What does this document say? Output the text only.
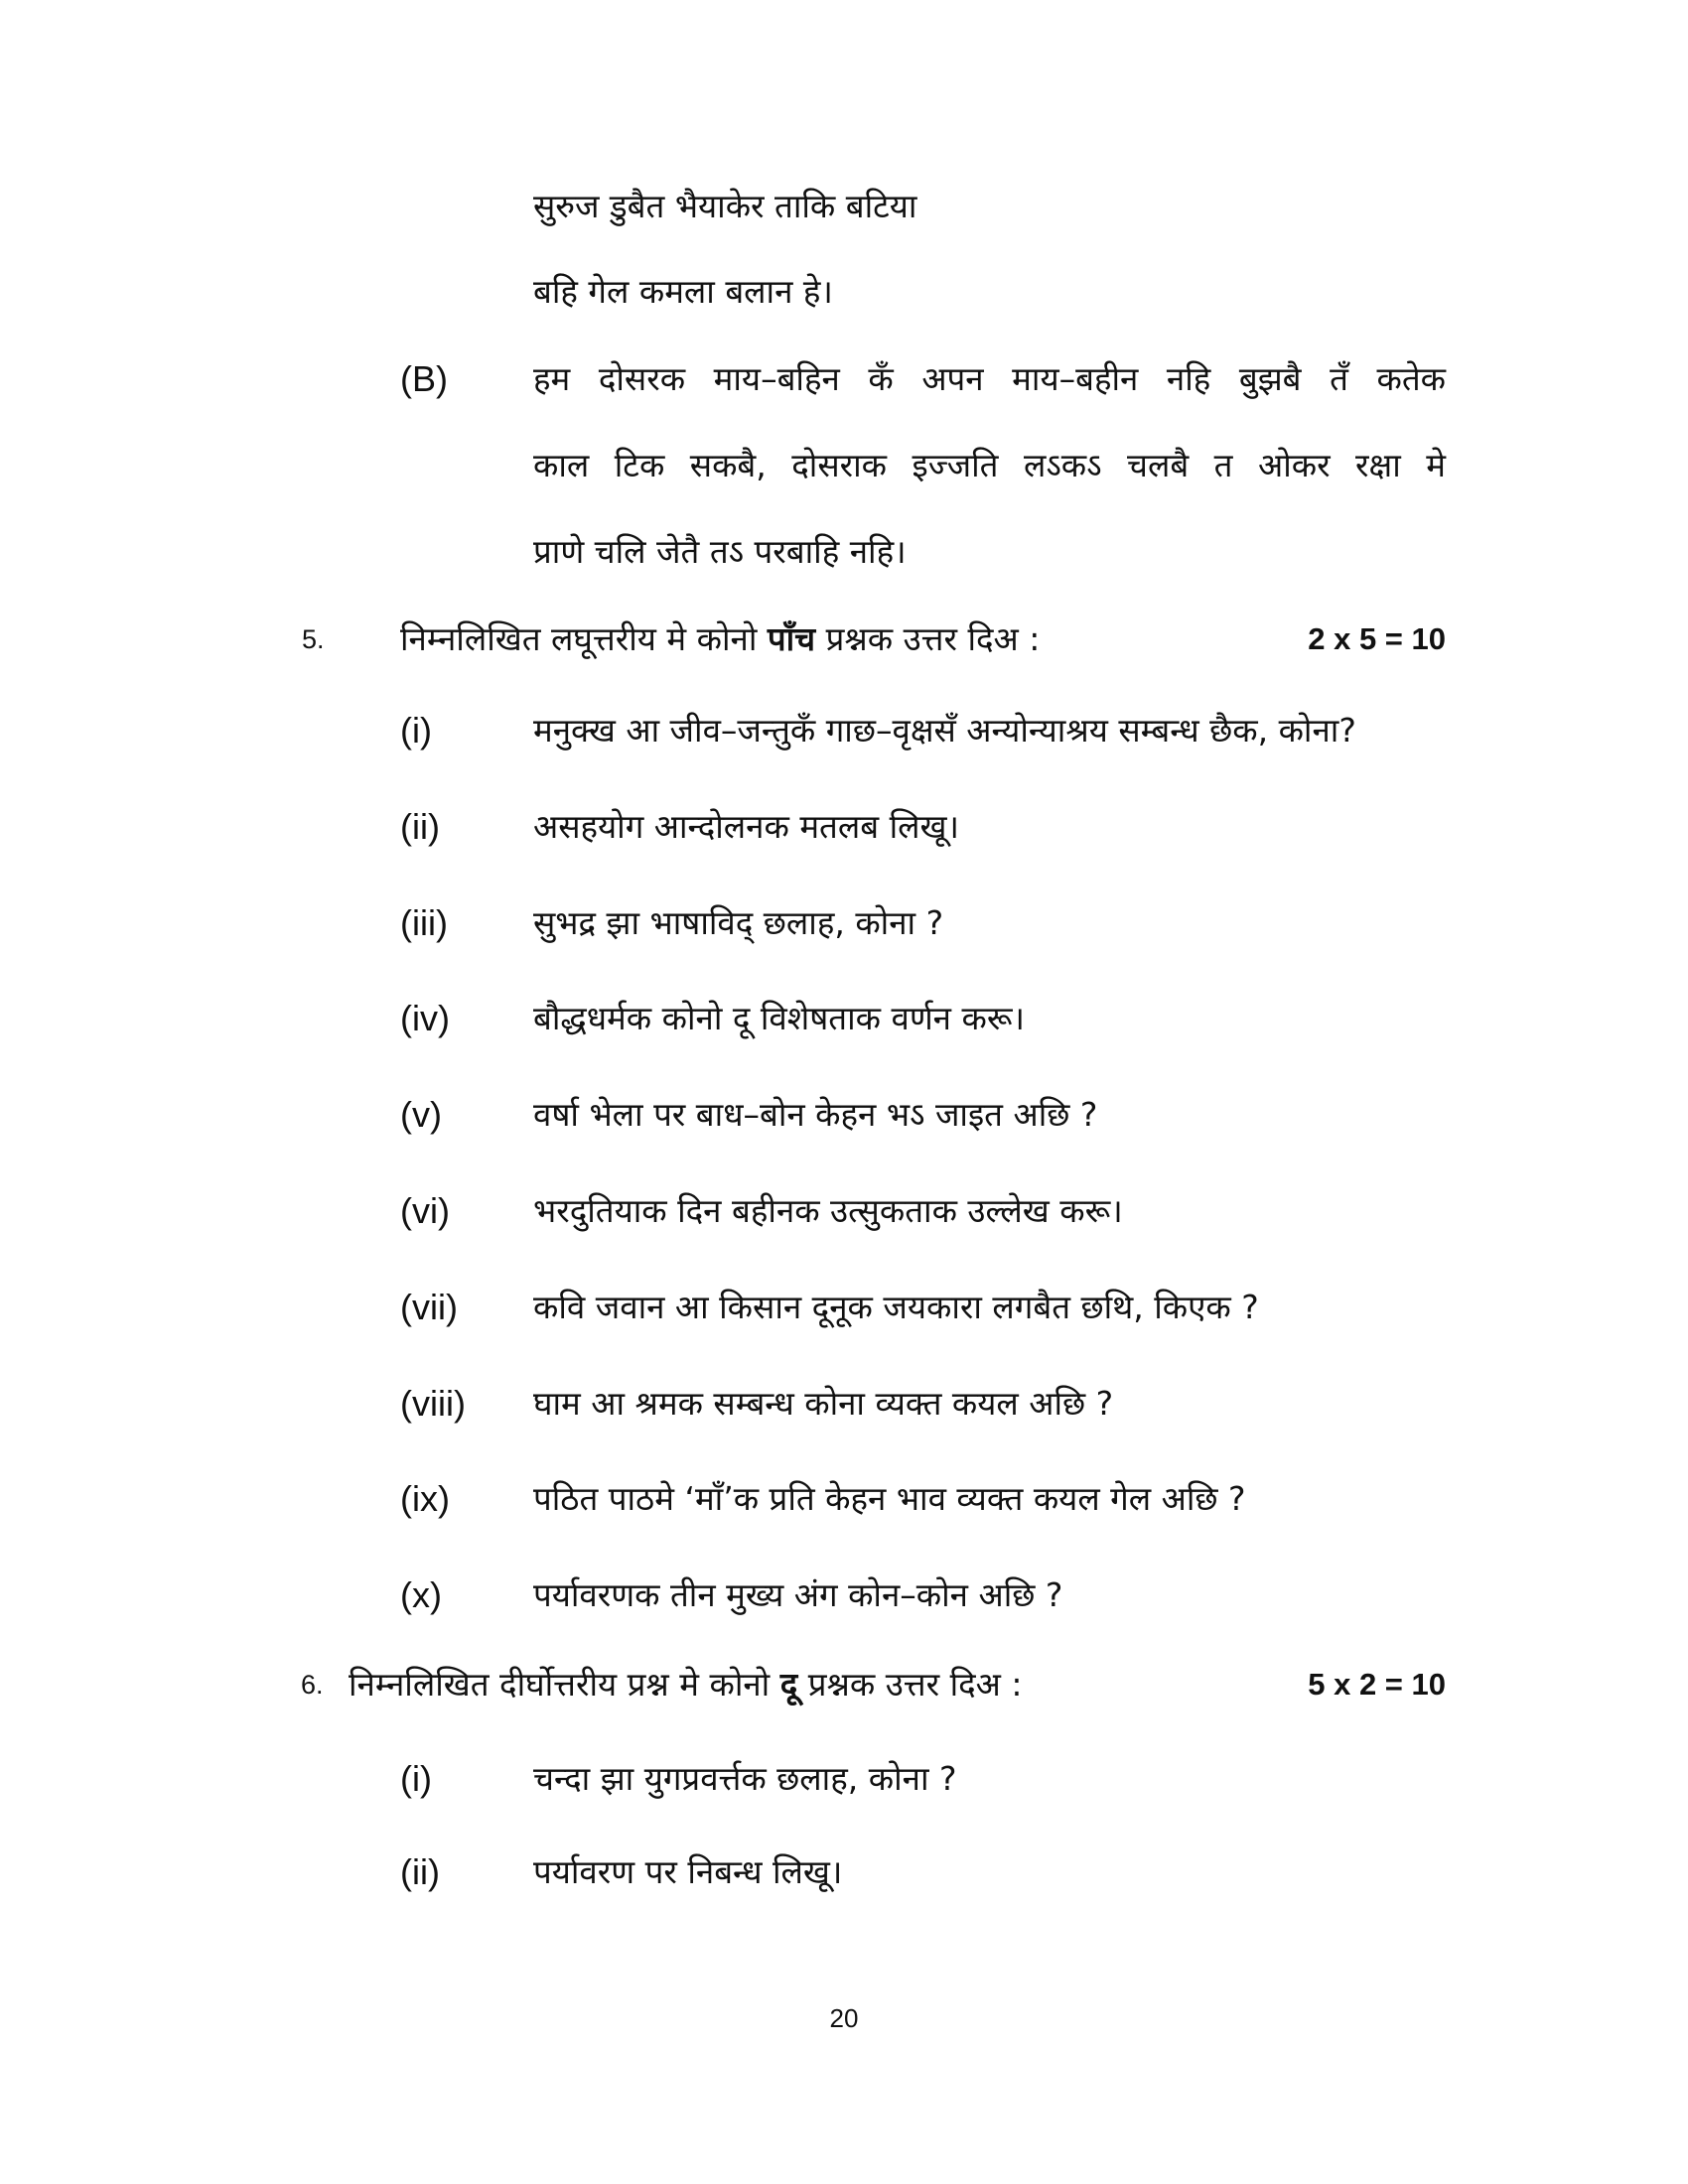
सुरुज डुबैत भैयाकेर ताकि बटिया
बहि गेल कमला बलान हे।
(B)	हम दोसरक माय–बहिन कँ अपन माय–बहीन नहि बुझबै तँ कतेक
काल टिक सकबै, दोसराक इज्जति लऽकऽ चलबै त ओकर रक्षा मे
प्राणे चलि जेतै तऽ परबाहि नहि।
5. निम्नलिखित लघूत्तरीय मे कोनो पाँच प्रश्नक उत्तर दिअ :	2 x 5 = 10
(i)	मनुक्ख आ जीव–जन्तुकँ गाछ–वृक्षसँ अन्योन्याश्रय सम्बन्ध छैक, कोना?
(ii)	असहयोग आन्दोलनक मतलब लिखू।
(iii)	सुभद्र झा भाषाविद् छलाह, कोना ?
(iv)	बौद्धधर्मक कोनो दू विशेषताक वर्णन करू।
(v)	वर्षा भेला पर बाध–बोन केहन भऽ जाइत अछि ?
(vi)	भरदुतियाक दिन बहीनक उत्सुकताक उल्लेख करू।
(vii) कवि जवान आ किसान दूनूक जयकारा लगबैत छथि, किएक ?
(viii) घाम आ श्रमक सम्बन्ध कोना व्यक्त कयल अछि ?
(ix)	पठित पाठमे ‘माँ’क प्रति केहन भाव व्यक्त कयल गेल अछि ?
(x)	पर्यावरणक तीन मुख्य अंग कोन–कोन अछि ?
6. निम्नलिखित दीर्घोत्तरीय प्रश्न मे कोनो दू प्रश्नक उत्तर दिअ :	5 x 2 = 10
(i)	चन्दा झा युगप्रवर्त्तक छलाह, कोना ?
(ii)	पर्यावरण पर निबन्ध लिखू।
20
